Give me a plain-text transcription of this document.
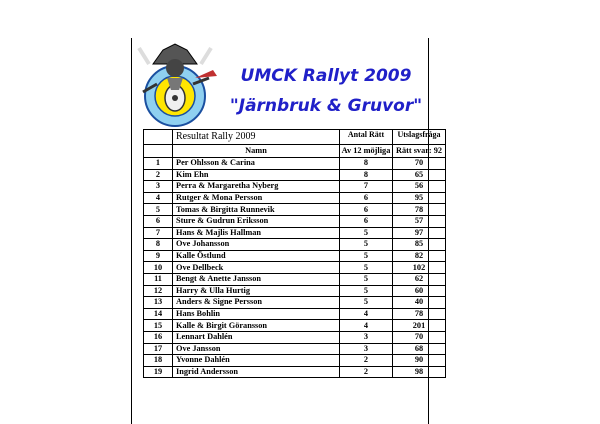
UMCK Rallyt 2009
"Järnbruk & Gruvor"
	Resultat Rally 2009	Antal Rätt	Utslagsfråga
	Namn	Av 12 möjliga	Rätt svar: 92
1	Per Ohlsson & Carina	8	70
2	Kim Ehn	8	65
3	Perra & Margaretha Nyberg	7	56
4	Rutger & Mona Persson	6	95
5	Tomas & Birgitta Runnevik	6	78
6	Sture & Gudrun Eriksson	6	57
7	Hans & Majlis Hallman	5	97
8	Ove Johansson	5	85
9	Kalle Östlund	5	82
10	Ove Dellbeck	5	102
11	Bengt & Anette Jansson	5	62
12	Harry & Ulla Hurtig	5	60
13	Anders & Signe Persson	5	40
14	Hans Bohlin	4	78
15	Kalle & Birgit Göransson	4	201
16	Lennart Dahlén	3	70
17	Ove Jansson	3	68
18	Yvonne Dahlén	2	90
19	Ingrid Andersson	2	98
